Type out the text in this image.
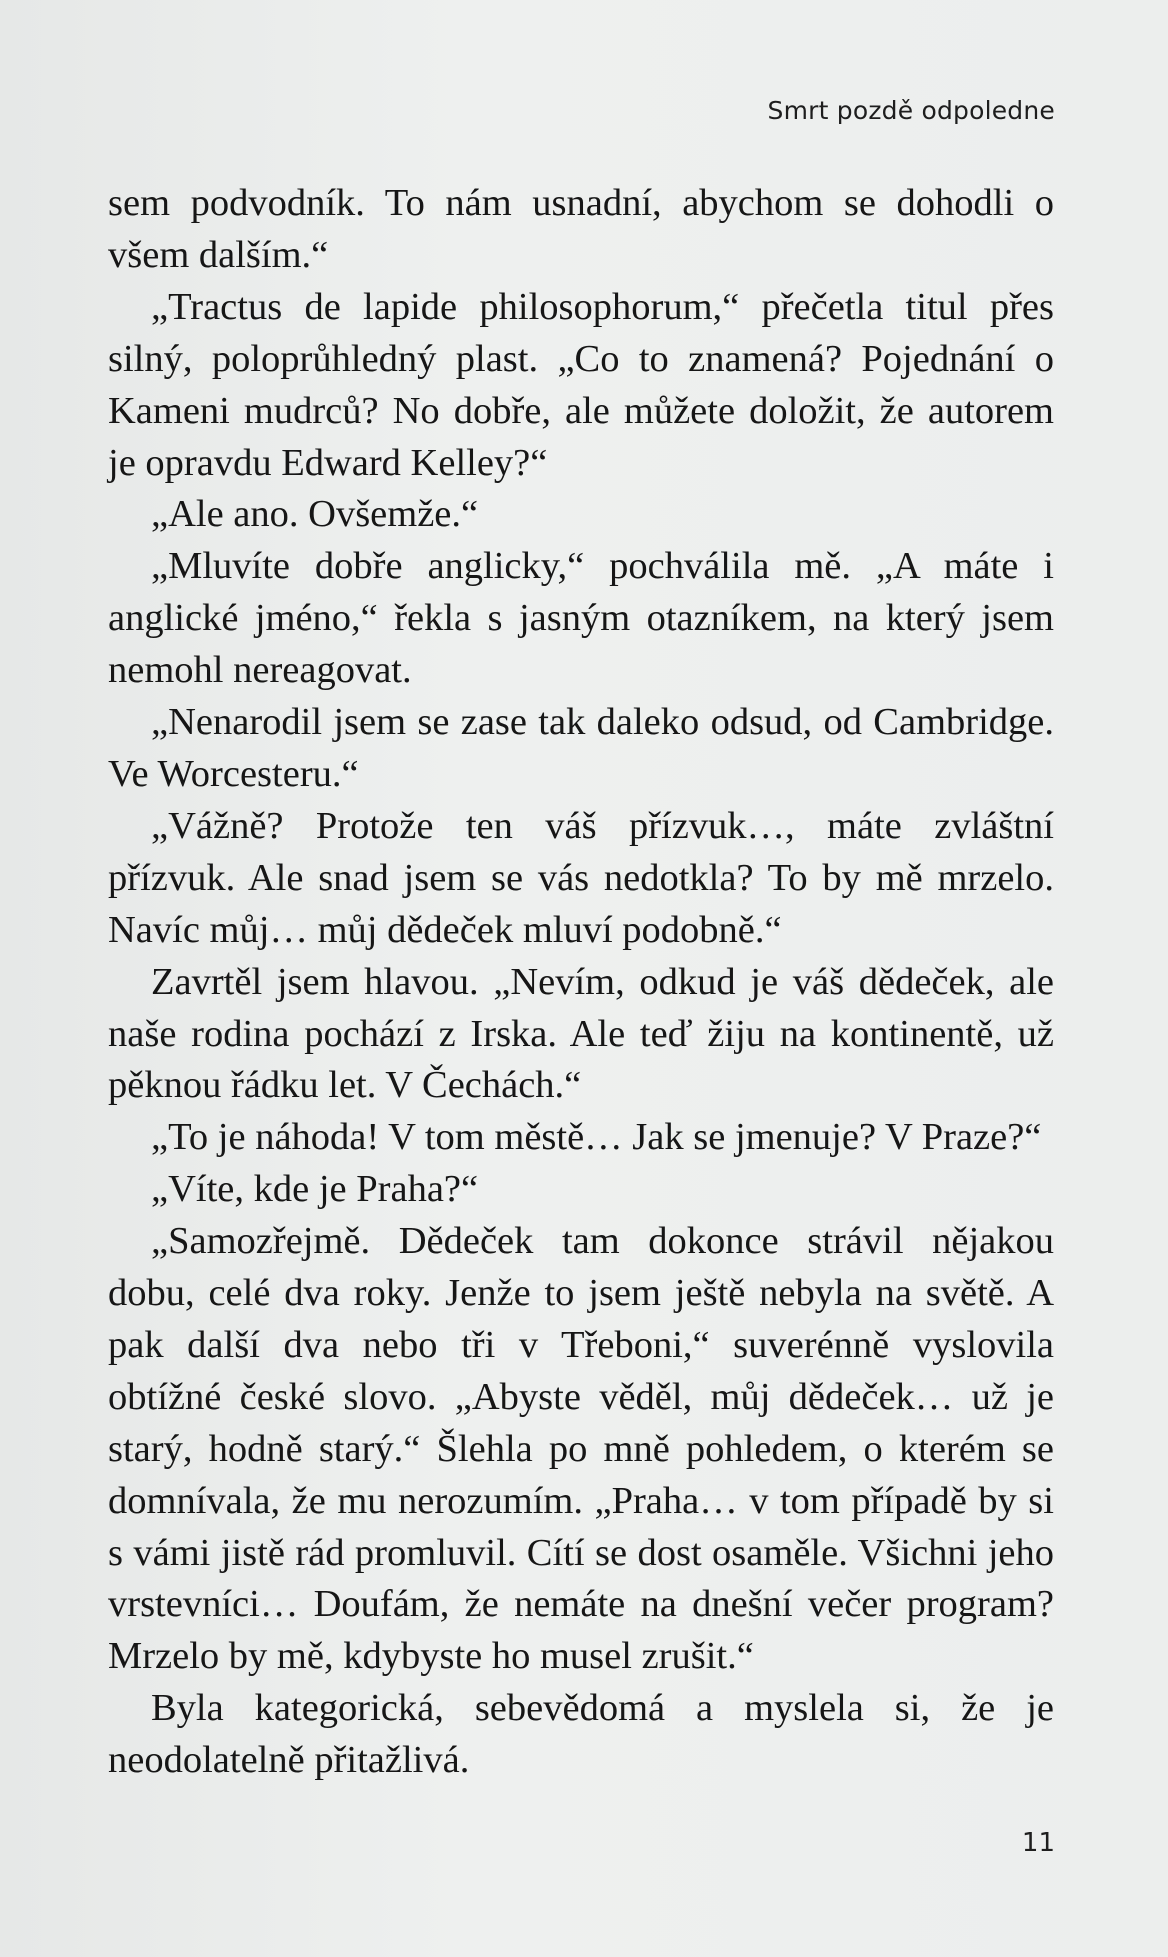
Smrt pozdě odpoledne

sem podvodník. To nám usnadní, abychom se dohodli o všem dalším.“

„Tractus de lapide philosophorum,“ přečetla titul přes silný, poloprůhledný plast. „Co to znamená? Pojednání o Kameni mudrců? No dobře, ale můžete doložit, že autorem je opravdu Edward Kelley?“

„Ale ano. Ovšemže.“

„Mluvíte dobře anglicky,“ pochválila mě. „A máte i anglické jméno,“ řekla s jasným otazníkem, na který jsem nemohl nereagovat.

„Nenarodil jsem se zase tak daleko odsud, od Cambridge. Ve Worcesteru.“

„Vážně? Protože ten váš přízvuk…, máte zvláštní přízvuk. Ale snad jsem se vás nedotkla? To by mě mrzelo. Navíc můj… můj dědeček mluví podobně.“

Zavrtěl jsem hlavou. „Nevím, odkud je váš dědeček, ale naše rodina pochází z Irska. Ale teď žiju na kontinentě, už pěknou řádku let. V Čechách.“

„To je náhoda! V tom městě… Jak se jmenuje? V Praze?“

„Víte, kde je Praha?“

„Samozřejmě. Dědeček tam dokonce strávil nějakou dobu, celé dva roky. Jenže to jsem ještě nebyla na světě. A pak další dva nebo tři v Třeboni,“ suverénně vyslovila obtížné české slovo. „Abyste věděl, můj dědeček… už je starý, hodně starý.“ Šlehla po mně pohledem, o kterém se domnívala, že mu nerozumím. „Praha… v tom případě by si s vámi jistě rád promluvil. Cítí se dost osaměle. Všichni jeho vrstevníci… Doufám, že nemáte na dnešní večer program? Mrzelo by mě, kdybyste ho musel zrušit.“

Byla kategorická, sebevědomá a myslela si, že je neodolatelně přitažlivá.

11
